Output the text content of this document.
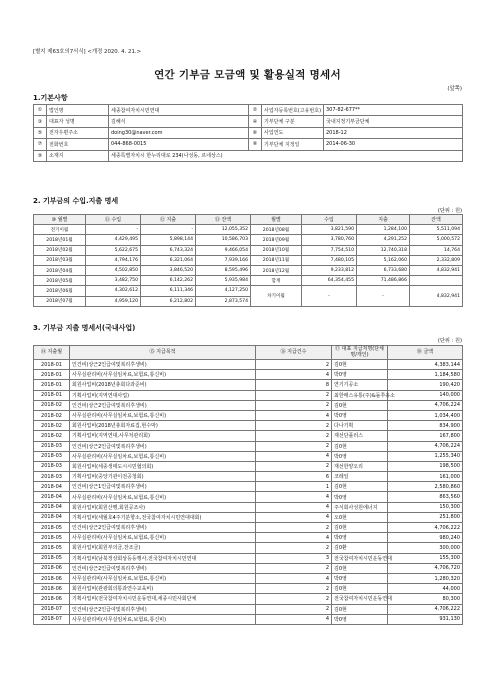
[별지 제63호의7서식] <개정 2020. 4. 21.>
연간 기부금 모금액 및 활용실적 명세서
(앞쪽)
1.기본사항
①	법인명	세종참여자치시민연대	②	사업자등록번호(고유번호)	307-82-677**
③	대표자 성명	김해식	④	기부단체 구분	국내지정기부금단체
⑤	전자우편주소	doing30@naver.com	⑥	사업연도	2018-12
⑦	전화번호	044-868-0015	⑧	기부단체 지정일	2014-06-30
⑨	소재지	세종특별자치시 한누리대로 234(나성동, 르네상스)			
2. 기부금의 수입.지출 명세
(단위 : 원)
⑩ 월별	⑪ 수입	⑫ 지출	⑬ 잔액	월별	수입	지출	잔액
전기이월	-	-	12,055,352	2018년08월	3,821,590	1,284,100	5,511,094
2018년01월	4,429,495	5,898,144	10,586,703	2018년09월	3,780,760	4,291,252	5,000,572
2018년02월	5,622,675	6,743,324	9,466,054	2018년10월	7,754,510	12,740,318	14,764
2018년03월	4,794,176	6,321,064	7,939,166	2018년11월	7,480,105	5,162,060	2,332,809
2018년04월	4,502,850	3,846,520	8,595,496	2018년12월	9,233,812	6,733,680	4,832,941
2018년05월	3,482,750	6,142,262	5,935,984	합계	64,354,455	71,486,866	
2018년06월	4,302,612	6,111,346	4,127,250	차기이월	-	-	4,832,941
2018년07월	4,959,120	6,212,802	2,873,574				
3. 기부금 지출 명세서(국내사업)
(단위 : 원)
⑭ 지출월	⑮ 지급목적	⑯ 지급건수	⑰ 대표 지급처명(단체명/개인)	⑱ 금액
2018-01	인건비(상근2인급여및복리후생비)	2	김0현	4,383,144
2018-01	사무실관리비(사무실임차료,보험료,통신비)	4	박0영	1,184,580
2018-01	회원사업비(2018년총회다과준비)	8	연기기공소	190,420
2018-01	기획사업비(지역연대사업)	2	최한매스유통(주)&돌쭈유소	140,000
2018-02	인건비(상근2인급여및복리후생비)	2	김0현	4,706,224
2018-02	사무실관리비(사무실임차료,보험료,통신비)	4	박0영	1,034,400
2018-02	회원사업비(2018년총회자료집,현수막)	2	다나기획	834,900
2018-02	기획사업비(지역연대,사무처관리회)	2	재선단플러스	167,800
2018-03	인건비(상근2인급여및복리후생비)	2	김0현	4,706,224
2018-03	사무실관리비(사무실임차료,보험료,통신비)	4	박0영	1,255,340
2018-03	회원사업비(세종생태도시시민협의회)	2	재선한양오리	198,500
2018-03	기획사업비(중앙기관이전공청회)	6	코레일	161,000
2018-04	인건비(상근1인급여및복리후생비)	1	김0현	2,580,860
2018-04	사무실관리비(사무실임차료,보험료,통신비)	4	박0영	863,560
2018-04	회원사업비(회원산행,회원공조사)	4	주식회사성원에너지	150,300
2018-04	기획사업비(세월호4주기분향소,전국참여자치시민연대대회)	4	오0현	251,800
2018-05	인건비(상근2인급여및복리후생비)	2	김0현	4,706,222
2018-05	사무실관리비(사무실임차료,보험료,통신비)	4	박0영	980,240
2018-05	회원사업비(회원부의금,찬조금)	2	김0환	300,000
2018-05	기획사업비(남북정상회상등등행사,전국참여자치시민연대	3	전국참여자치시민운동연대	155,300
2018-06	인건비(상근2인급여및복리후생비)	2	김0현	4,706,720
2018-06	사무실관리비(사무실임차료,보험료,통신비)	4	박0영	1,280,320
2018-06	회원사업비(관광회의통과연수교육비)	2	김0현	44,000
2018-06	기획사업비(전국참여자치시민운동연대,세종시민사회단체	2	전국참여자치시민운동연대	80,300
2018-07	인건비(상근2인급여및복리후생비)	2	김0현	4,706,222
2018-07	사무실관리비(사무실임차료,보험료,통신비)	4	박0영	931,130
